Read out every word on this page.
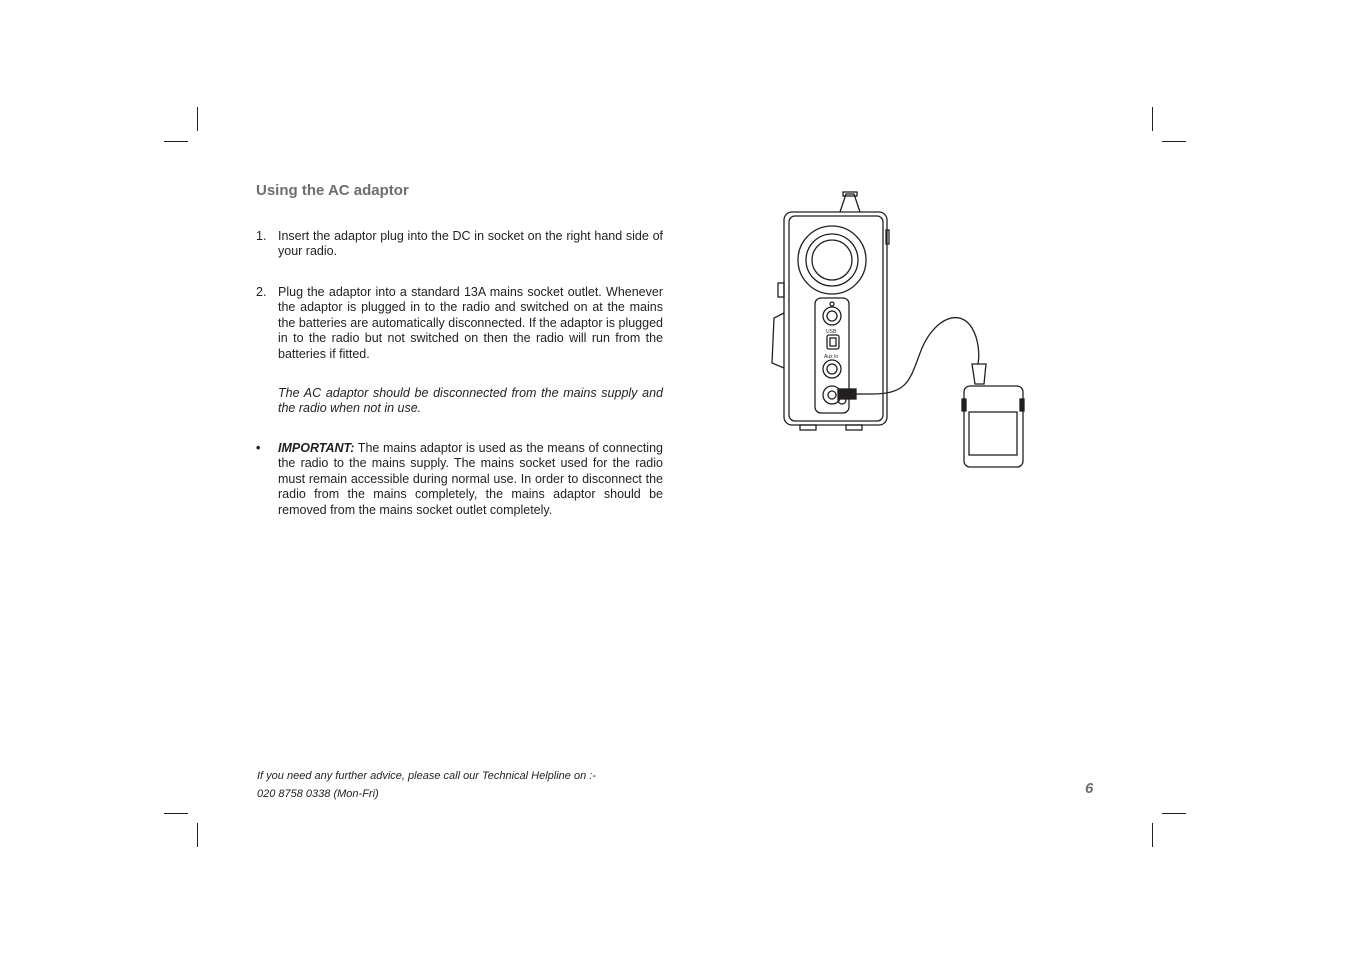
Using the AC adaptor
1. Insert the adaptor plug into the DC in socket on the right hand side of your radio.
2. Plug the adaptor into a standard 13A mains socket outlet. Whenever the adaptor is plugged in to the radio and switched on at the mains the batteries are automatically disconnected. If the adaptor is plugged in to the radio but not switched on then the radio will run from the batteries if fitted.
The AC adaptor should be disconnected from the mains supply and the radio when not in use.
• IMPORTANT: The mains adaptor is used as the means of connecting the radio to the mains supply. The mains socket used for the radio must remain accessible during normal use. In order to disconnect the radio from the mains completely, the mains adaptor should be removed from the mains socket outlet completely.
If you need any further advice, please call our Technical Helpline on :-
020 8758 0338 (Mon-Fri)	6
USB
Aux In
